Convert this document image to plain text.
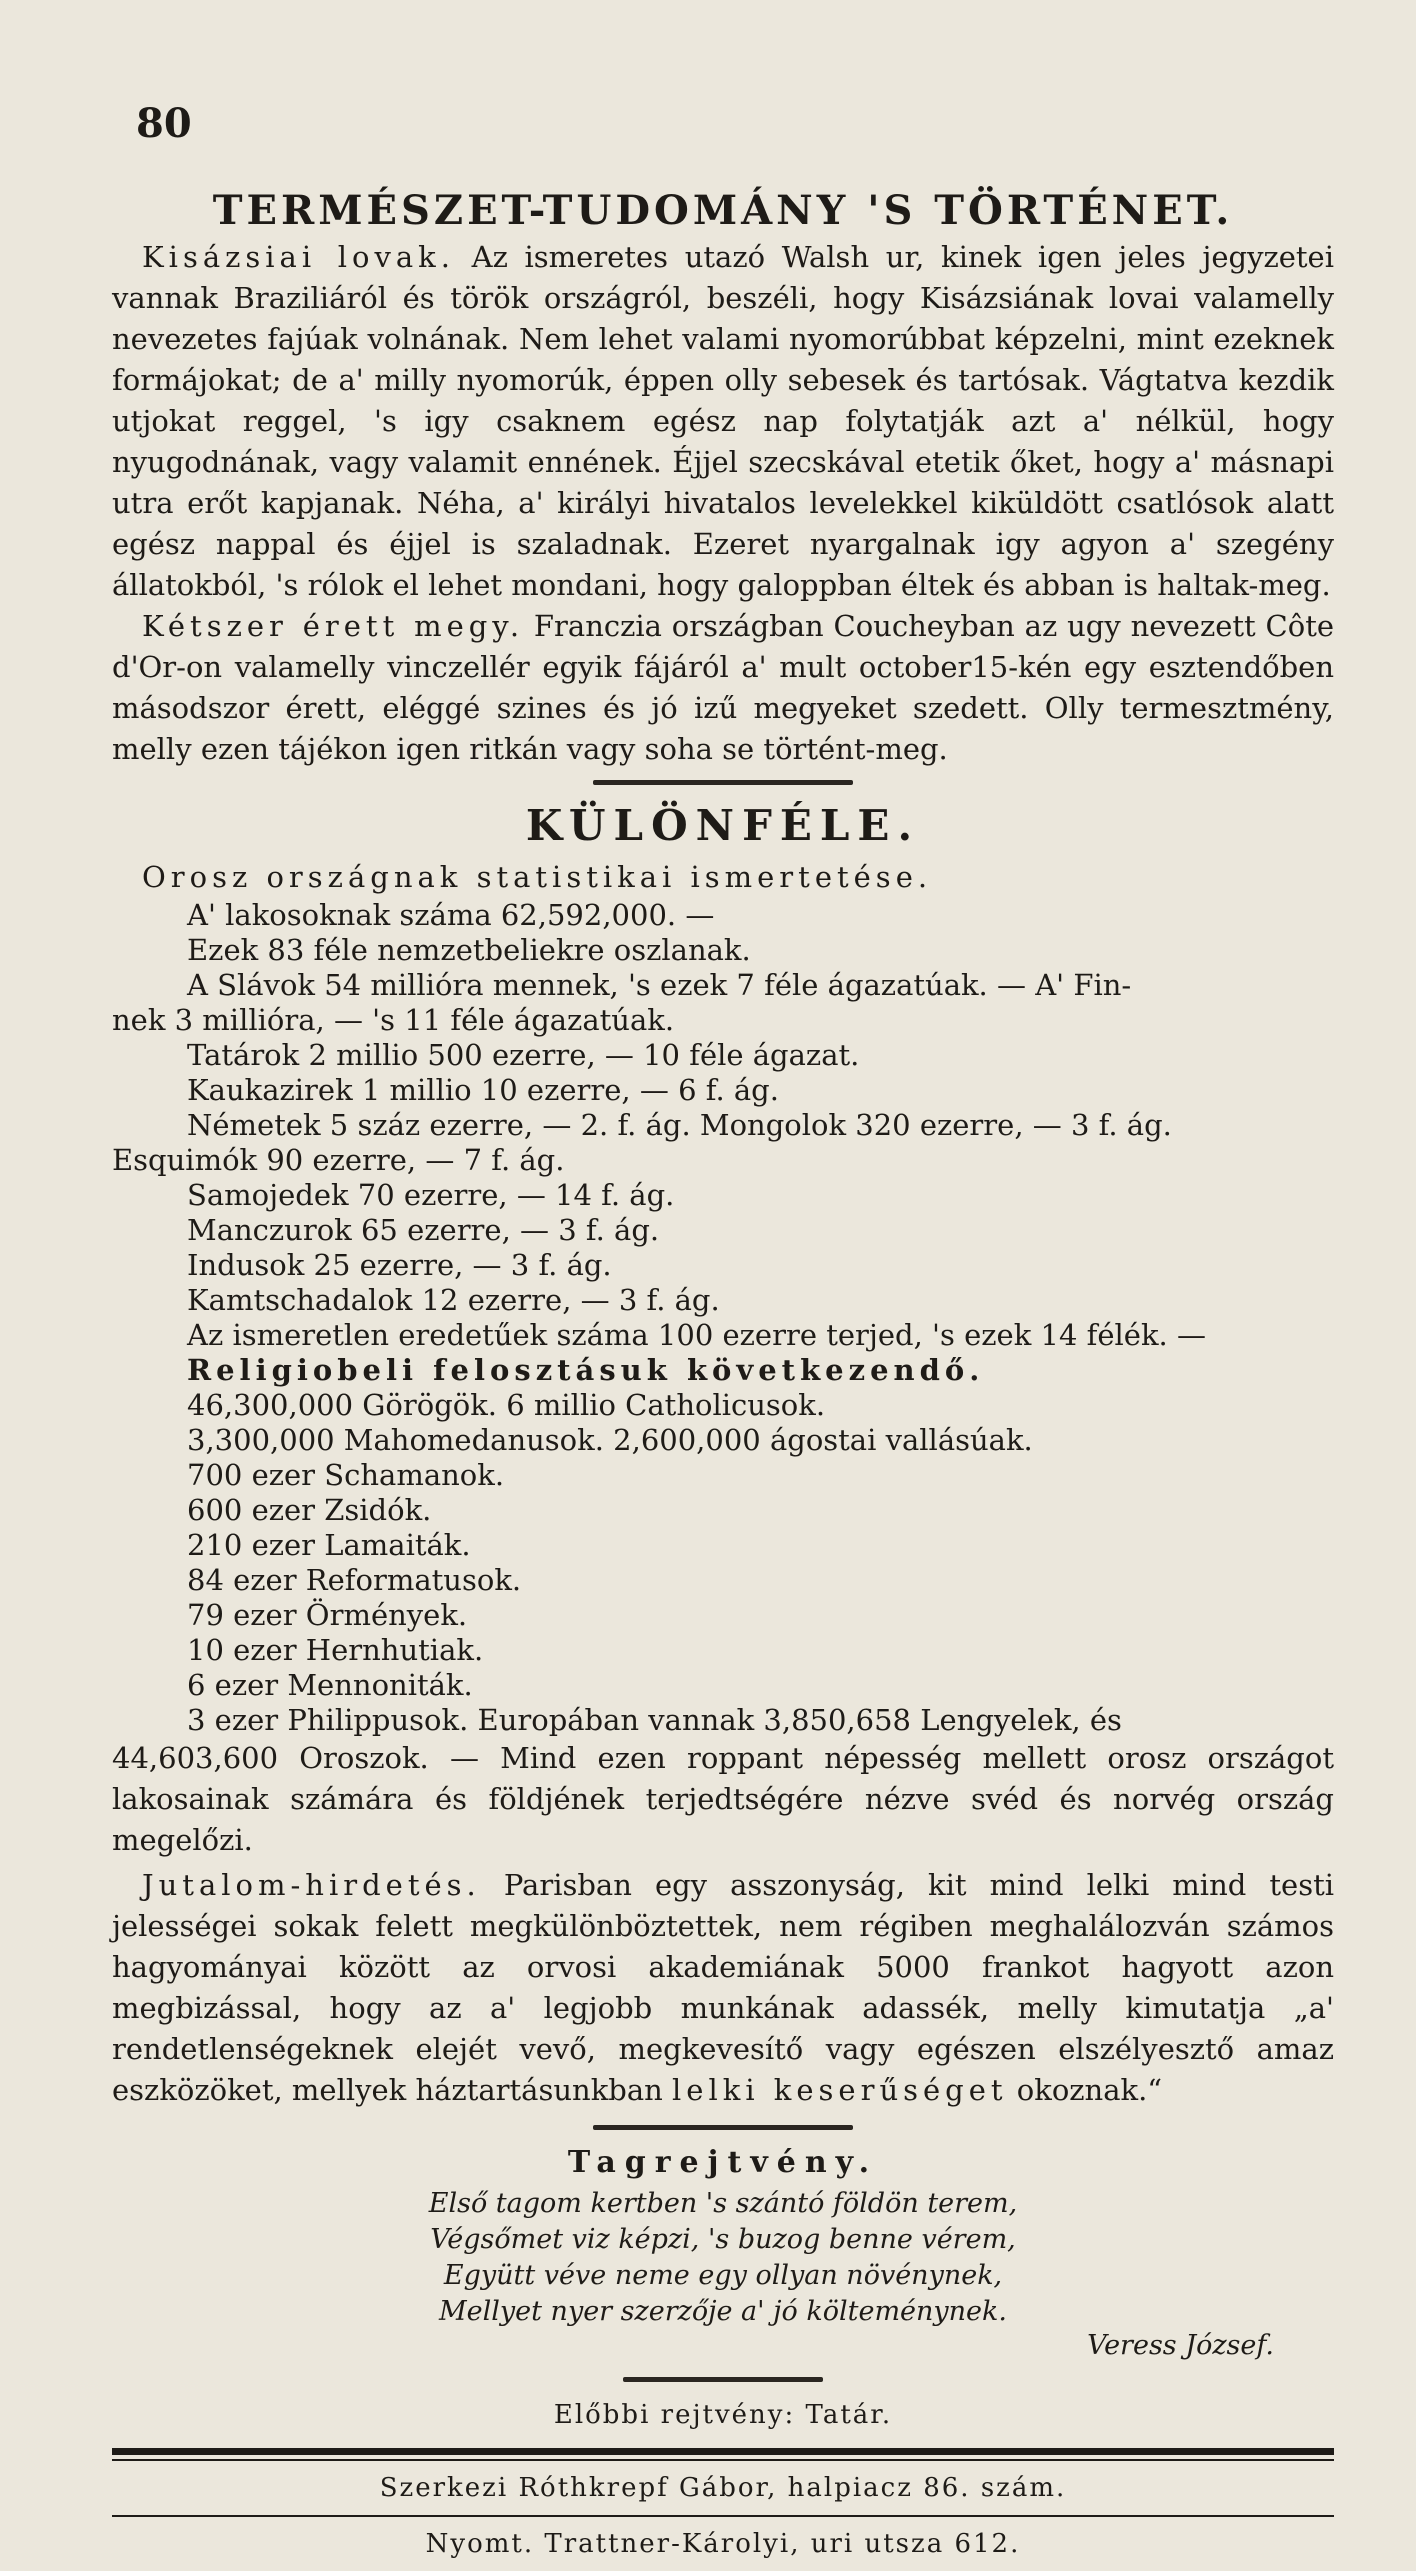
80
TERMÉSZET-TUDOMÁNY 'S TÖRTÉNET.

Kisázsiai lovak. Az ismeretes utazó Walsh ur, kinek igen jeles jegyzetei vannak Braziliáról és török országról, beszéli, hogy Kisázsiának lovai valamelly nevezetes fajúak volnának. Nem lehet valami nyomorúbbat képzelni, mint ezeknek formájokat; de a' milly nyomorúk, éppen olly sebesek és tartósak. Vágtatva kezdik utjokat reggel, 's igy csaknem egész nap folytatják azt a' nélkül, hogy nyugodnának, vagy valamit ennének. Éjjel szecskával etetik őket, hogy a' másnapi utra erőt kapjanak. Néha, a' királyi hivatalos levelekkel kiküldött csatlósok alatt egész nappal és éjjel is szaladnak. Ezeret nyargalnak igy agyon a' szegény állatokból, 's rólok el lehet mondani, hogy galoppban éltek és abban is haltak-meg.

Kétszer érett megy. Franczia országban Coucheyban az ugy nevezett Côte d'Or-on valamelly vinczellér egyik fájáról a' mult october15-kén egy esztendőben másodszor érett, eléggé szines és jó izű megyeket szedett. Olly termesztmény, melly ezen tájékon igen ritkán vagy soha se történt-meg.

KÜLÖNFÉLE.

Orosz országnak statistikai ismertetése.

A' lakosoknak száma 62,592,000. —
Ezek 83 féle nemzetbeliekre oszlanak.
A Slávok 54 millióra mennek, 's ezek 7 féle ágazatúak. — A' Fin-
nek 3 millióra, — 's 11 féle ágazatúak.
Tatárok 2 millio 500 ezerre, — 10 féle ágazat.
Kaukazirek 1 millio 10 ezerre, — 6 f. ág.
Németek 5 száz ezerre, — 2. f. ág. Mongolok 320 ezerre, — 3 f. ág.
Esquimók 90 ezerre, — 7 f. ág.
Samojedek 70 ezerre, — 14 f. ág.
Manczurok 65 ezerre, — 3 f. ág.
Indusok 25 ezerre, — 3 f. ág.
Kamtschadalok 12 ezerre, — 3 f. ág.
Az ismeretlen eredetűek száma 100 ezerre terjed, 's ezek 14 félék. —
Religiobeli felosztásuk következendő.
46,300,000 Görögök. 6 millio Catholicusok.
3,300,000 Mahomedanusok. 2,600,000 ágostai vallásúak.
700 ezer Schamanok.
600 ezer Zsidók.
210 ezer Lamaiták.
84 ezer Reformatusok.
79 ezer Örmények.
10 ezer Hernhutiak.
6 ezer Mennoniták.
3 ezer Philippusok. Europában vannak 3,850,658 Lengyelek, és

44,603,600 Oroszok. — Mind ezen roppant népesség mellett orosz országot lakosainak számára és földjének terjedtségére nézve svéd és norvég ország megelőzi.

Jutalom-hirdetés. Parisban egy asszonyság, kit mind lelki mind testi jelességei sokak felett megkülönböztettek, nem régiben meghalálozván számos hagyományai között az orvosi akademiának 5000 frankot hagyott azon megbizással, hogy az a' legjobb munkának adassék, melly kimutatja „a' rendetlenségeknek elejét vevő, megkevesítő vagy egészen elszélyesztő amaz eszközöket, mellyek háztartásunkban lelki keserűséget okoznak.“

Tagrejtvény.
Első tagom kertben 's szántó földön terem,
Végsőmet viz képzi, 's buzog benne vérem,
Együtt véve neme egy ollyan növénynek,
Mellyet nyer szerzője a' jó költeménynek.
Veress József.
Előbbi rejtvény: Tatár.
Szerkezi Róthkrepf Gábor, halpiacz 86. szám.
Nyomt. Trattner-Károlyi, uri utsza 612.
